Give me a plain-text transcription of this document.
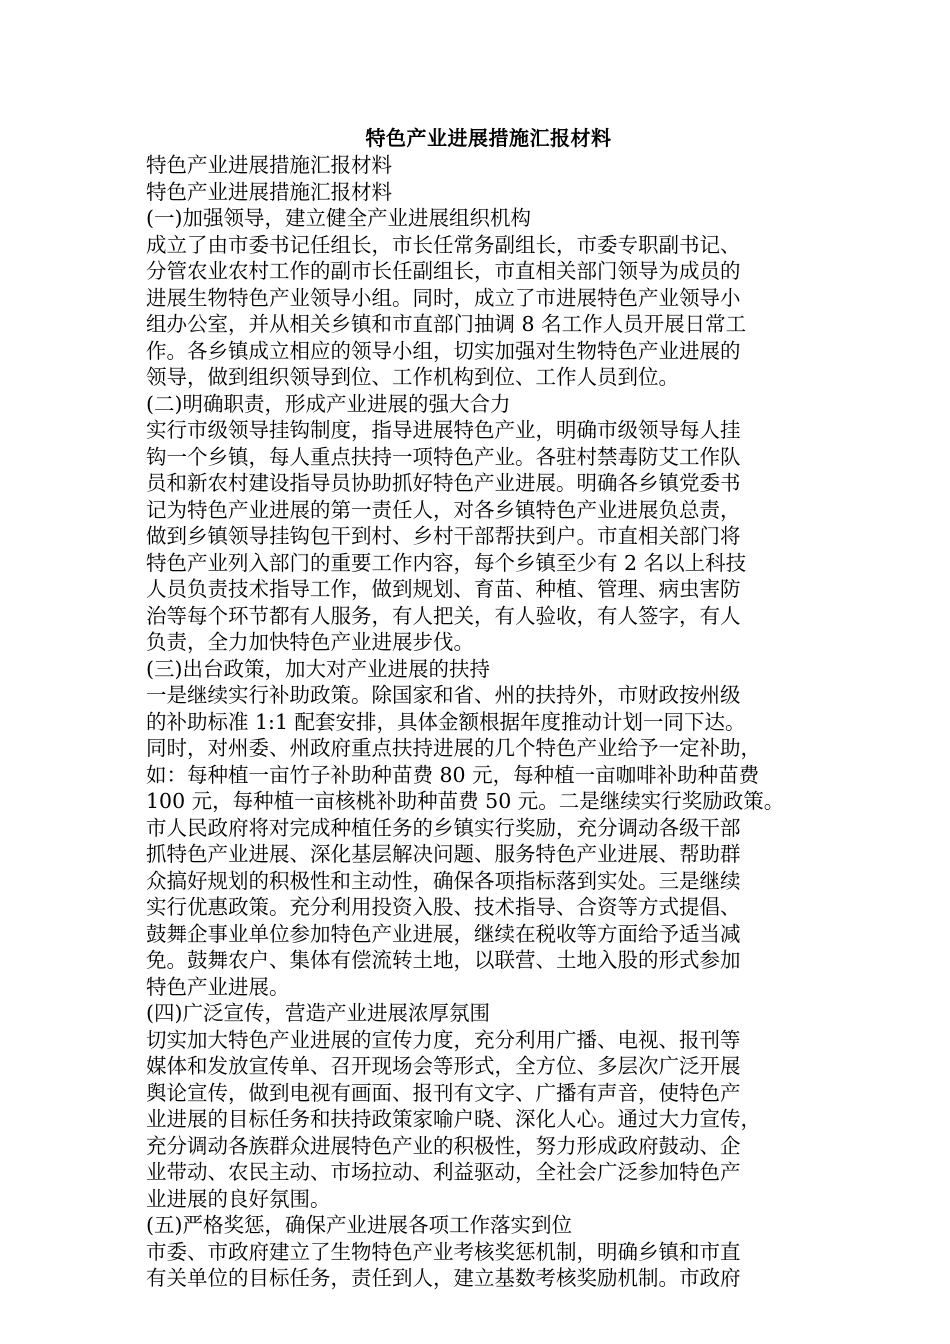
特色产业进展措施汇报材料
特色产业进展措施汇报材料
特色产业进展措施汇报材料
(一)加强领导，建立健全产业进展组织机构
成立了由市委书记任组长，市长任常务副组长，市委专职副书记、
分管农业农村工作的副市长任副组长，市直相关部门领导为成员的
进展生物特色产业领导小组。同时，成立了市进展特色产业领导小
组办公室，并从相关乡镇和市直部门抽调 8 名工作人员开展日常工
作。各乡镇成立相应的领导小组，切实加强对生物特色产业进展的
领导，做到组织领导到位、工作机构到位、工作人员到位。
(二)明确职责，形成产业进展的强大合力
实行市级领导挂钩制度，指导进展特色产业，明确市级领导每人挂
钩一个乡镇，每人重点扶持一项特色产业。各驻村禁毒防艾工作队
员和新农村建设指导员协助抓好特色产业进展。明确各乡镇党委书
记为特色产业进展的第一责任人，对各乡镇特色产业进展负总责，
做到乡镇领导挂钩包干到村、乡村干部帮扶到户。市直相关部门将
特色产业列入部门的重要工作内容，每个乡镇至少有 2 名以上科技
人员负责技术指导工作，做到规划、育苗、种植、管理、病虫害防
治等每个环节都有人服务，有人把关，有人验收，有人签字，有人
负责，全力加快特色产业进展步伐。
(三)出台政策，加大对产业进展的扶持
一是继续实行补助政策。除国家和省、州的扶持外，市财政按州级
的补助标准 1:1 配套安排，具体金额根据年度推动计划一同下达。
同时，对州委、州政府重点扶持进展的几个特色产业给予一定补助，
如：每种植一亩竹子补助种苗费 80 元，每种植一亩咖啡补助种苗费
100 元，每种植一亩核桃补助种苗费 50 元。二是继续实行奖励政策。
市人民政府将对完成种植任务的乡镇实行奖励，充分调动各级干部
抓特色产业进展、深化基层解决问题、服务特色产业进展、帮助群
众搞好规划的积极性和主动性，确保各项指标落到实处。三是继续
实行优惠政策。充分利用投资入股、技术指导、合资等方式提倡、
鼓舞企事业单位参加特色产业进展，继续在税收等方面给予适当减
免。鼓舞农户、集体有偿流转土地，以联营、土地入股的形式参加
特色产业进展。
(四)广泛宣传，营造产业进展浓厚氛围
切实加大特色产业进展的宣传力度，充分利用广播、电视、报刊等
媒体和发放宣传单、召开现场会等形式，全方位、多层次广泛开展
舆论宣传，做到电视有画面、报刊有文字、广播有声音，使特色产
业进展的目标任务和扶持政策家喻户晓、深化人心。通过大力宣传，
充分调动各族群众进展特色产业的积极性，努力形成政府鼓动、企
业带动、农民主动、市场拉动、利益驱动，全社会广泛参加特色产
业进展的良好氛围。
(五)严格奖惩，确保产业进展各项工作落实到位
市委、市政府建立了生物特色产业考核奖惩机制，明确乡镇和市直
有关单位的目标任务，责任到人，建立基数考核奖励机制。市政府
